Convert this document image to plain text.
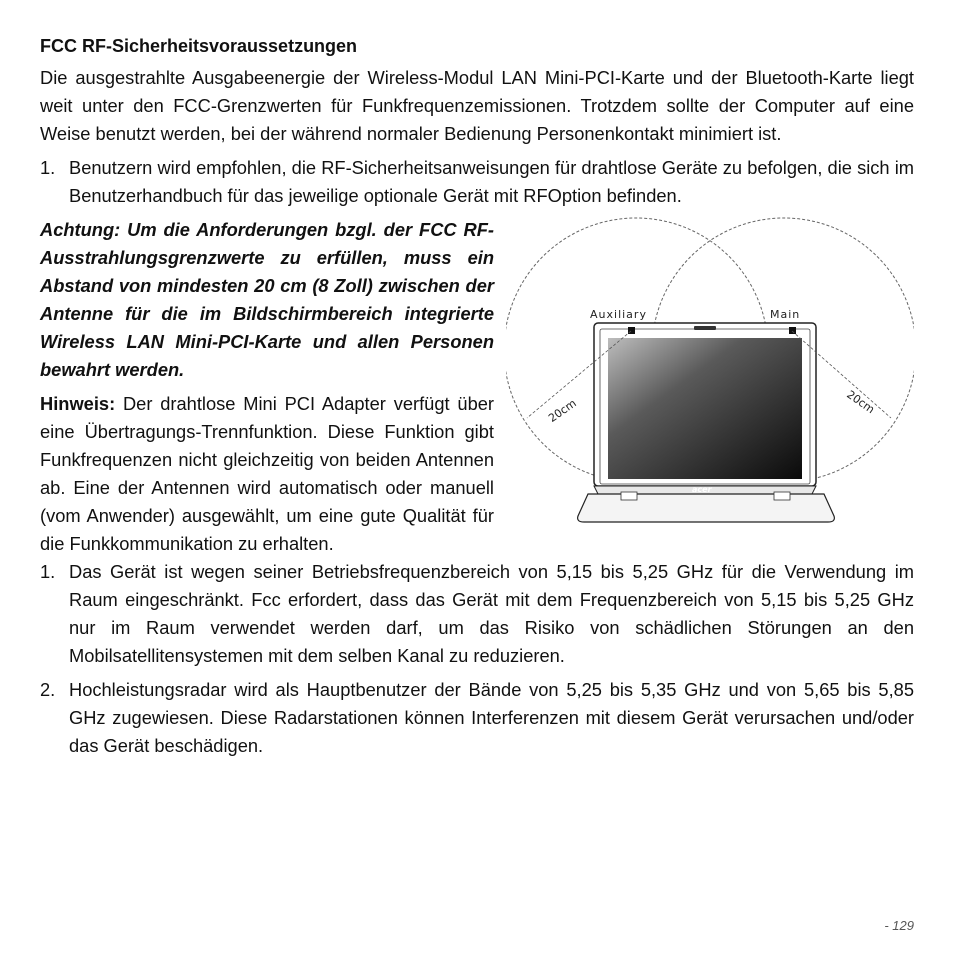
FCC RF-Sicherheitsvoraussetzungen

Die ausgestrahlte Ausgabeenergie der Wireless-Modul LAN Mini-PCI-Karte und der Bluetooth-Karte liegt weit unter den FCC-Grenzwerten für Funkfrequenzemissionen. Trotzdem sollte der Computer auf eine Weise benutzt werden, bei der während normaler Bedienung Personenkontakt minimiert ist.

1. Benutzern wird empfohlen, die RF-Sicherheitsanweisungen für drahtlose Geräte zu befolgen, die sich im Benutzerhandbuch für das jeweilige optionale Gerät mit RFOption befinden.
Auxiliary	Main
20cm	20cm
acer

Achtung: Um die Anforderungen bzgl. der FCC RF-Ausstrahlungsgrenzwerte zu erfüllen, muss ein Abstand von mindesten 20 cm (8 Zoll) zwischen der Antenne für die im Bildschirmbereich integrierte Wireless LAN Mini-PCI-Karte und allen Personen bewahrt werden.

Hinweis: Der drahtlose Mini PCI Adapter verfügt über eine Übertragungs-Trennfunktion. Diese Funktion gibt Funkfrequenzen nicht gleichzeitig von beiden Antennen ab. Eine der Antennen wird automatisch oder manuell (vom Anwender) ausgewählt, um eine gute Qualität für die Funkkommunikation zu erhalten.

1. Das Gerät ist wegen seiner Betriebsfrequenzbereich von 5,15 bis 5,25 GHz für die Verwendung im Raum eingeschränkt. Fcc erfordert, dass das Gerät mit dem Frequenzbereich von 5,15 bis 5,25 GHz nur im Raum verwendet werden darf, um das Risiko von schädlichen Störungen an den Mobilsatellitensystemen mit dem selben Kanal zu reduzieren.
2. Hochleistungsradar wird als Hauptbenutzer der Bände von 5,25 bis 5,35 GHz und von 5,65 bis 5,85 GHz zugewiesen. Diese Radarstationen können Interferenzen mit diesem Gerät verursachen und/oder das Gerät beschädigen.
- 129
